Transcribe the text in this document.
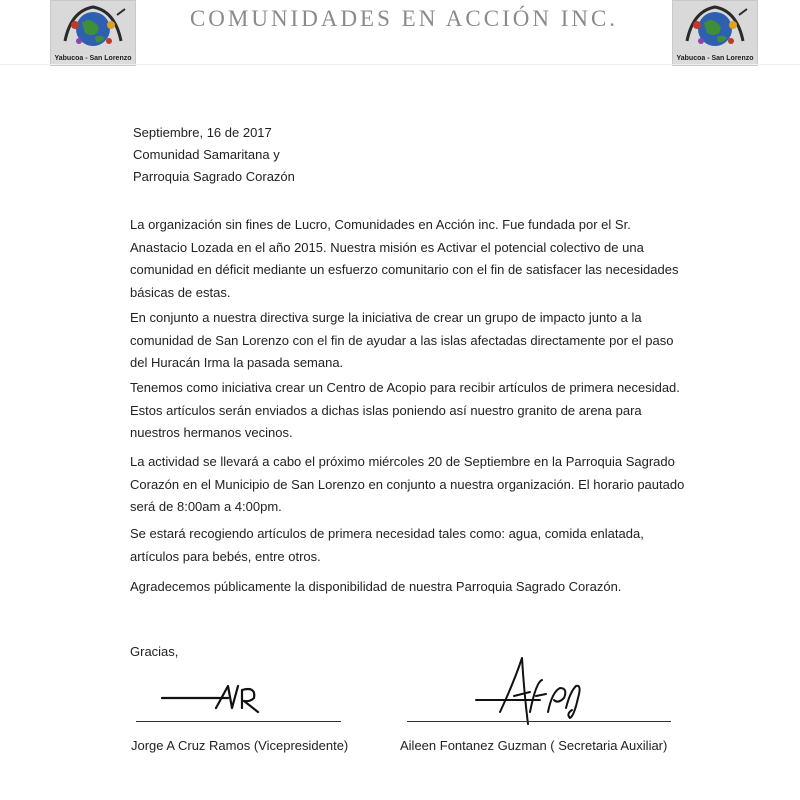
Yabucoa - San Lorenzo
COMUNIDADES EN ACCIÓN INC.
Yabucoa - San Lorenzo
Septiembre, 16 de 2017
Comunidad Samaritana y
Parroquia Sagrado Corazón

La organización sin fines de Lucro, Comunidades en Acción inc. Fue fundada por el Sr. Anastacio Lozada en el año 2015. Nuestra misión es Activar el potencial colectivo de una comunidad en déficit mediante un esfuerzo comunitario con el fin de satisfacer las necesidades básicas de estas.

En conjunto a nuestra directiva surge la iniciativa de crear un grupo de impacto junto a la comunidad de San Lorenzo con el fin de ayudar a las islas afectadas directamente por el paso del Huracán Irma la pasada semana.

Tenemos como iniciativa crear un Centro de Acopio para recibir artículos de primera necesidad. Estos artículos serán enviados a dichas islas poniendo así nuestro granito de arena para nuestros hermanos vecinos.

La actividad se llevará a cabo el próximo miércoles 20 de Septiembre en la Parroquia Sagrado Corazón en el Municipio de San Lorenzo en conjunto a nuestra organización. El horario pautado será de 8:00am a 4:00pm.

Se estará recogiendo artículos de primera necesidad tales como: agua, comida enlatada, artículos para bebés, entre otros.

Agradecemos públicamente la disponibilidad de nuestra Parroquia Sagrado Corazón.

Gracias,
Jorge A Cruz Ramos (Vicepresidente)	Aileen Fontanez Guzman ( Secretaria Auxiliar)
